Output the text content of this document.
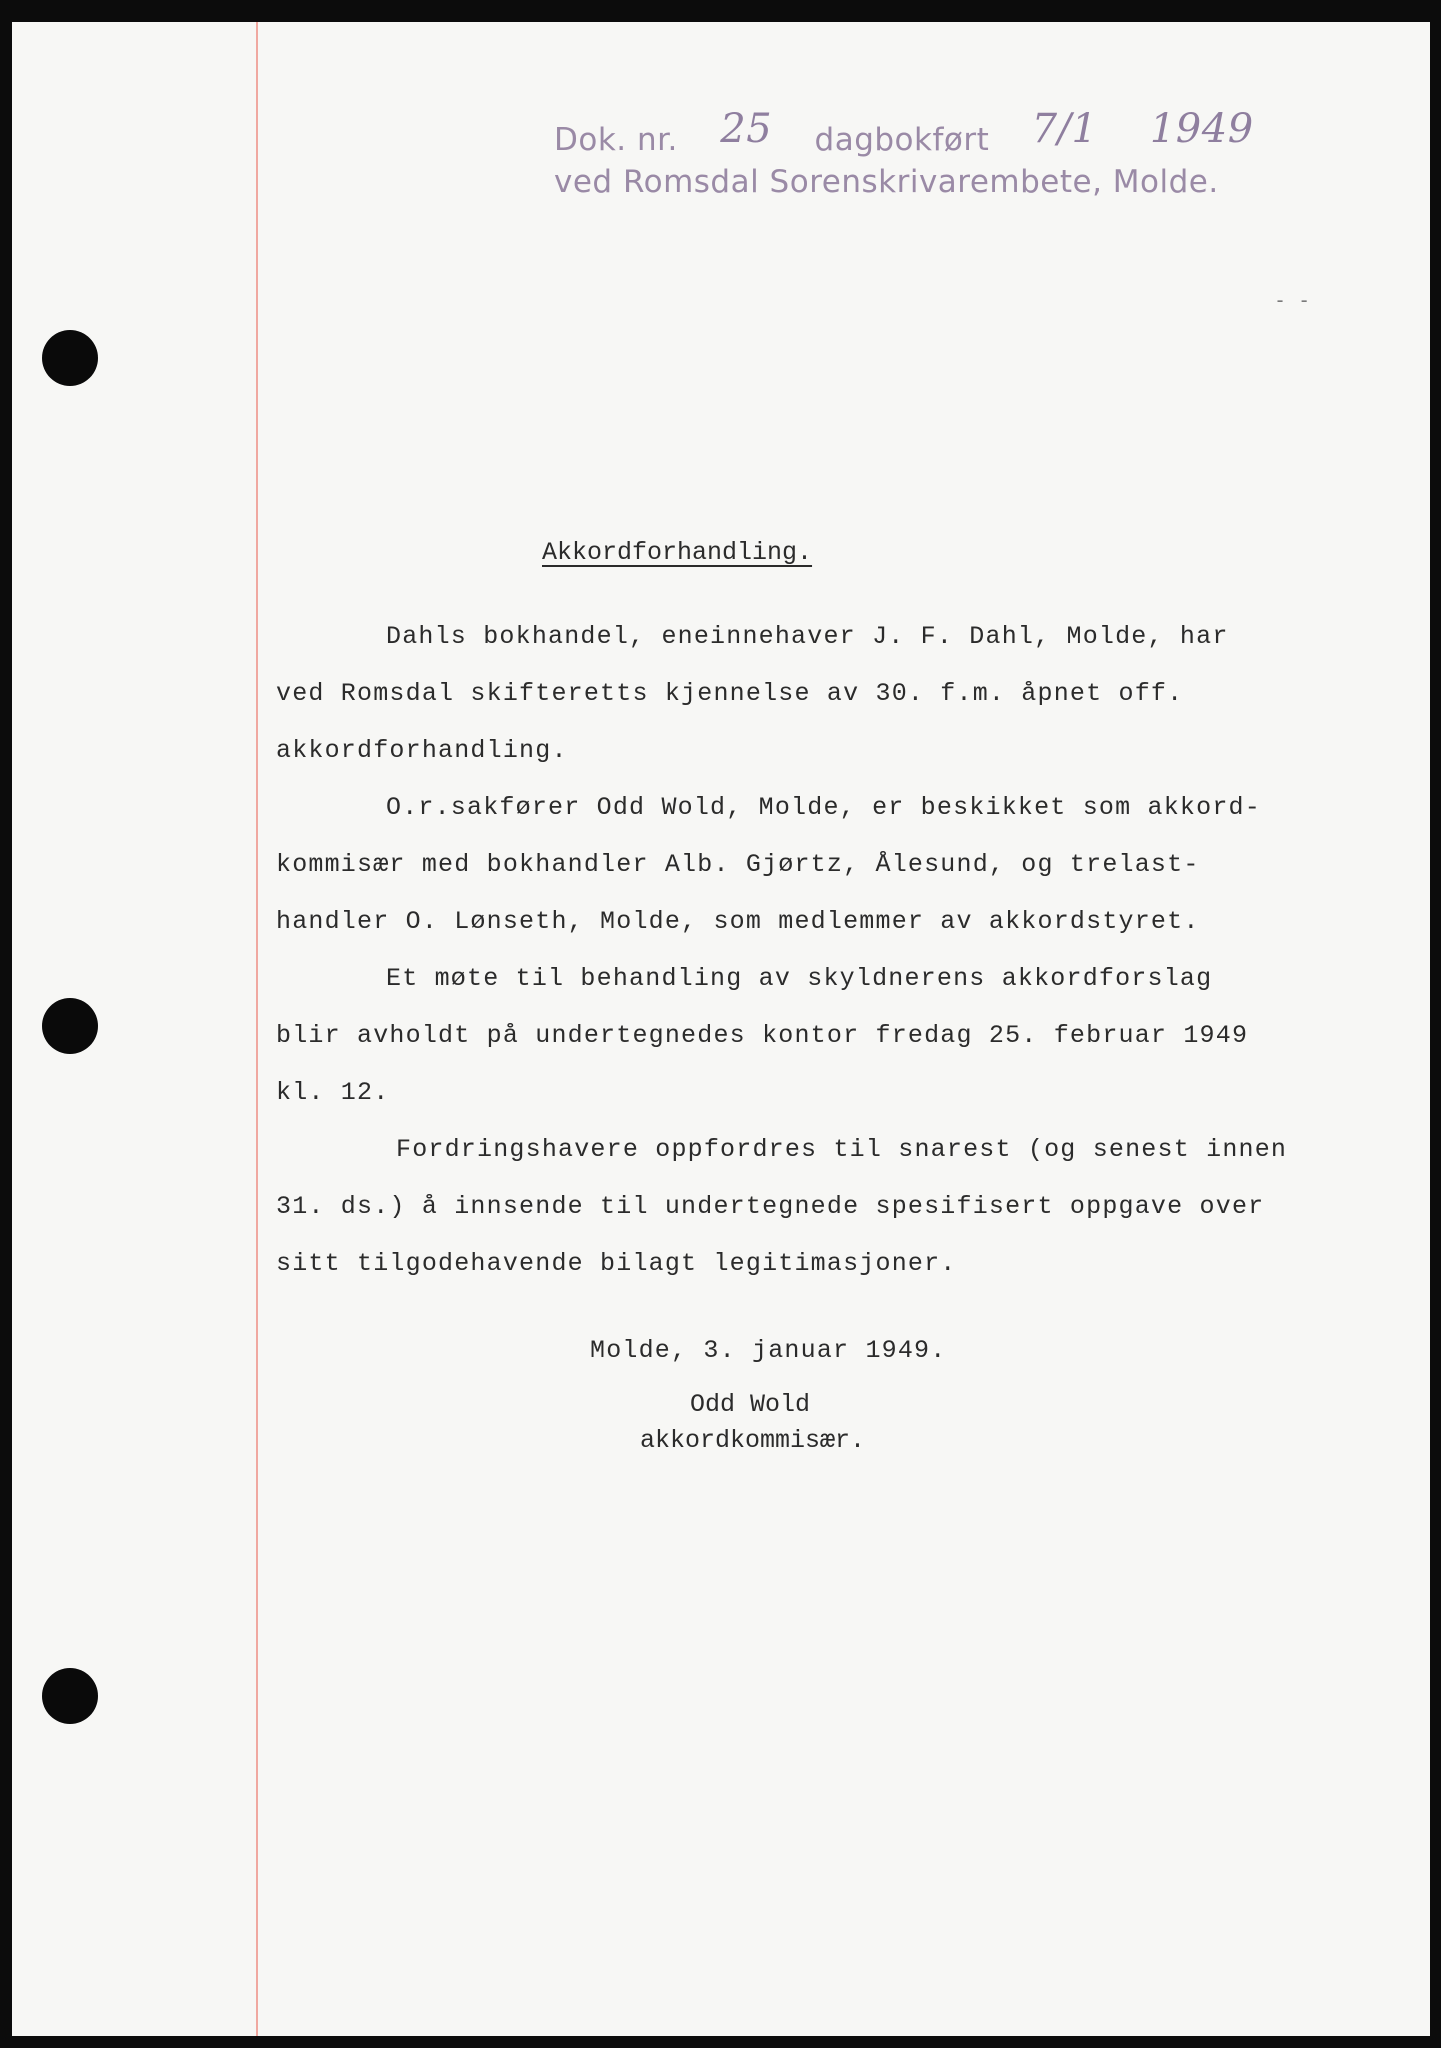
Dok. nr. 25 dagbokført 7/1 1949
ved Romsdal Sorenskrivarembete, Molde.
- -
Akkordforhandling.
Dahls bokhandel, eneinnehaver J. F. Dahl, Molde, har
ved Romsdal skifteretts kjennelse av 30. f.m. åpnet off.
akkordforhandling.
O.r.sakfører Odd Wold, Molde, er beskikket som akkord-
kommisær med bokhandler Alb. Gjørtz, Ålesund, og trelast-
handler O. Lønseth, Molde, som medlemmer av akkordstyret.
Et møte til behandling av skyldnerens akkordforslag
blir avholdt på undertegnedes kontor fredag 25. februar 1949
kl. 12.
Fordringshavere oppfordres til snarest (og senest innen
31. ds.) å innsende til undertegnede spesifisert oppgave over
sitt tilgodehavende bilagt legitimasjoner.
Molde, 3. januar 1949.
Odd Wold
akkordkommisær.
